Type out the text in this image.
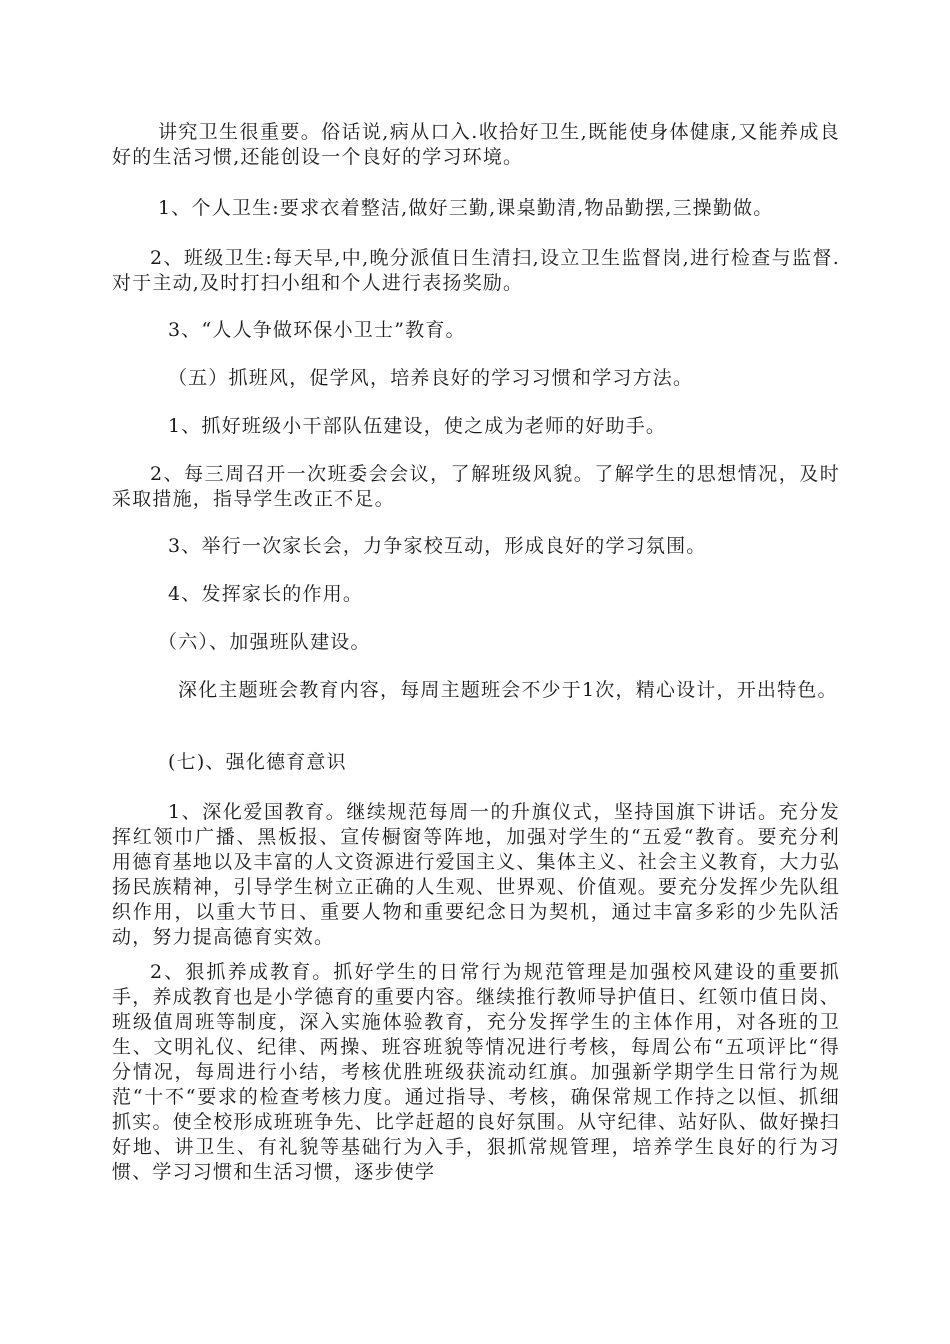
讲究卫生很重要。俗话说,病从口入.收拾好卫生,既能使身体健康,又能养成良好的生活习惯,还能创设一个良好的学习环境。

1、个人卫生:要求衣着整洁,做好三勤,课桌勤清,物品勤摆,三操勤做。

2、班级卫生:每天早,中,晚分派值日生清扫,设立卫生监督岗,进行检查与监督.对于主动,及时打扫小组和个人进行表扬奖励。

3、“人人争做环保小卫士”教育。

（五）抓班风，促学风，培养良好的学习习惯和学习方法。

1、抓好班级小干部队伍建设，使之成为老师的好助手。

2、每三周召开一次班委会会议，了解班级风貌。了解学生的思想情况，及时采取措施，指导学生改正不足。

3、举行一次家长会，力争家校互动，形成良好的学习氛围。

4、发挥家长的作用。

（六）、加强班队建设。

深化主题班会教育内容，每周主题班会不少于1次，精心设计，开出特色。

(七)、强化德育意识

1、深化爱国教育。继续规范每周一的升旗仪式，坚持国旗下讲话。充分发挥红领巾广播、黑板报、宣传橱窗等阵地，加强对学生的“五爱“教育。要充分利用德育基地以及丰富的人文资源进行爱国主义、集体主义、社会主义教育，大力弘扬民族精神，引导学生树立正确的人生观、世界观、价值观。要充分发挥少先队组织作用，以重大节日、重要人物和重要纪念日为契机，通过丰富多彩的少先队活动，努力提高德育实效。

2、狠抓养成教育。抓好学生的日常行为规范管理是加强校风建设的重要抓手，养成教育也是小学德育的重要内容。继续推行教师导护值日、红领巾值日岗、班级值周班等制度，深入实施体验教育，充分发挥学生的主体作用，对各班的卫生、文明礼仪、纪律、两操、班容班貌等情况进行考核，每周公布“五项评比“得分情况，每周进行小结，考核优胜班级获流动红旗。加强新学期学生日常行为规范“十不“要求的检查考核力度。通过指导、考核，确保常规工作持之以恒、抓细抓实。使全校形成班班争先、比学赶超的良好氛围。从守纪律、站好队、做好操扫好地、讲卫生、有礼貌等基础行为入手，狠抓常规管理，培养学生良好的行为习惯、学习习惯和生活习惯，逐步使学
